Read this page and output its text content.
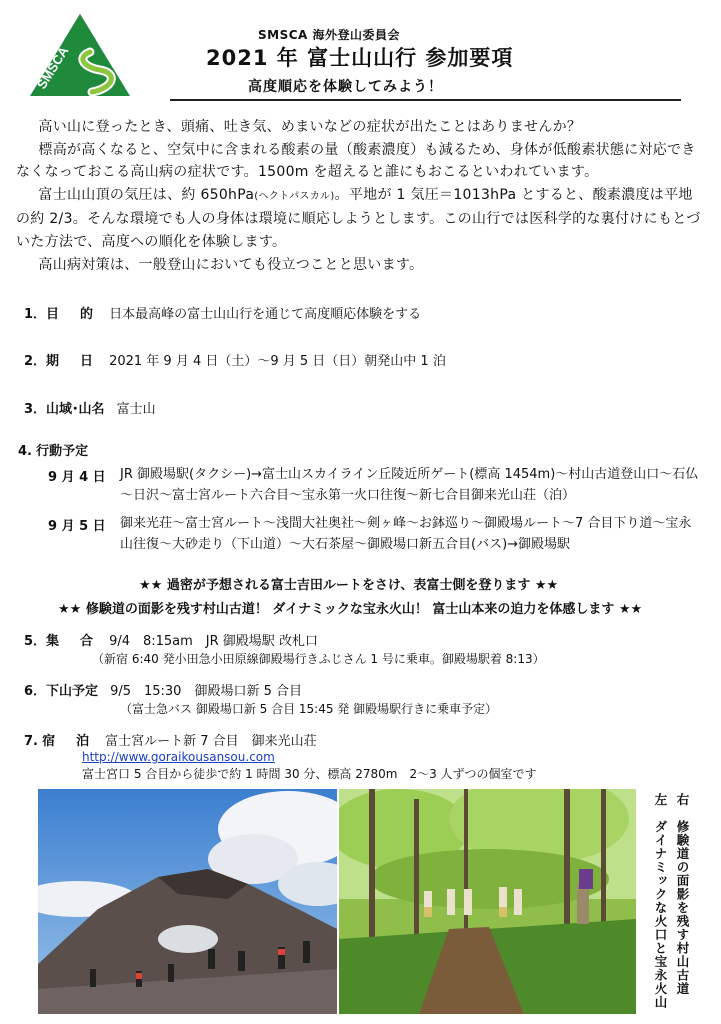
SMSCA
SMSCA 海外登山委員会
2021 年 富士山山行 参加要項
高度順応を体験してみよう！

高い山に登ったとき、頭痛、吐き気、めまいなどの症状が出たことはありませんか？

標高が高くなると、空気中に含まれる酸素の量（酸素濃度）も減るため、身体が低酸素状態に対応できなくなっておこる高山病の症状です。1500m を超えると誰にもおこるといわれています。

富士山山頂の気圧は、約 650hPa(ヘクトパスカル)。平地が 1 気圧＝1013hPa とすると、酸素濃度は平地の約 2/3。そんな環境でも人の身体は環境に順応しようとします。この山行では医科学的な裏付けにもとづいた方法で、高度への順化を体験します。

高山病対策は、一般登山においても役立つことと思います。

1．目　的 日本最高峰の富士山山行を通じて高度順応体験をする
2．期　日 2021 年 9 月 4 日（土）～9 月 5 日（日）朝発山中 1 泊
3．山域･山名 富士山
4. 行動予定
9 月 4 日 JR 御殿場駅(タクシー)→富士山スカイライン丘陵近所ゲート(標高 1454m)～村山古道登山口～石仏～日沢～富士宮ルート六合目～宝永第一火口往復～新七合目御来光山荘（泊）
9 月 5 日 御来光荘～富士宮ルート～浅間大社奥社～剣ヶ峰～お鉢巡り～御殿場ルート～7 合目下り道～宝永山往復～大砂走り（下山道）～大石茶屋～御殿場口新五合目(バス)→御殿場駅
★★ 過密が予想される富士吉田ルートをさけ、表富士側を登ります ★★
★★ 修験道の面影を残す村山古道！ ダイナミックな宝永火山！ 富士山本来の迫力を体感します ★★
5．集　合 9/4　8:15am　JR 御殿場駅 改札口
（新宿 6:40 発小田急小田原線御殿場行きふじさん 1 号に乗車。御殿場駅着 8:13）
6．下山予定 9/5　15:30　御殿場口新 5 合目
（富士急バス 御殿場口新 5 合目 15:45 発 御殿場駅行きに乗車予定）
7. 宿　泊 富士宮ルート新 7 合目　御来光山荘
http://www.goraikousansou.com
富士宮口 5 合目から徒歩で約 1 時間 30 分、標高 2780m　2～3 人ずつの個室です
右　修験道の面影を残す村山古道
左　ダイナミックな火口と宝永火山
